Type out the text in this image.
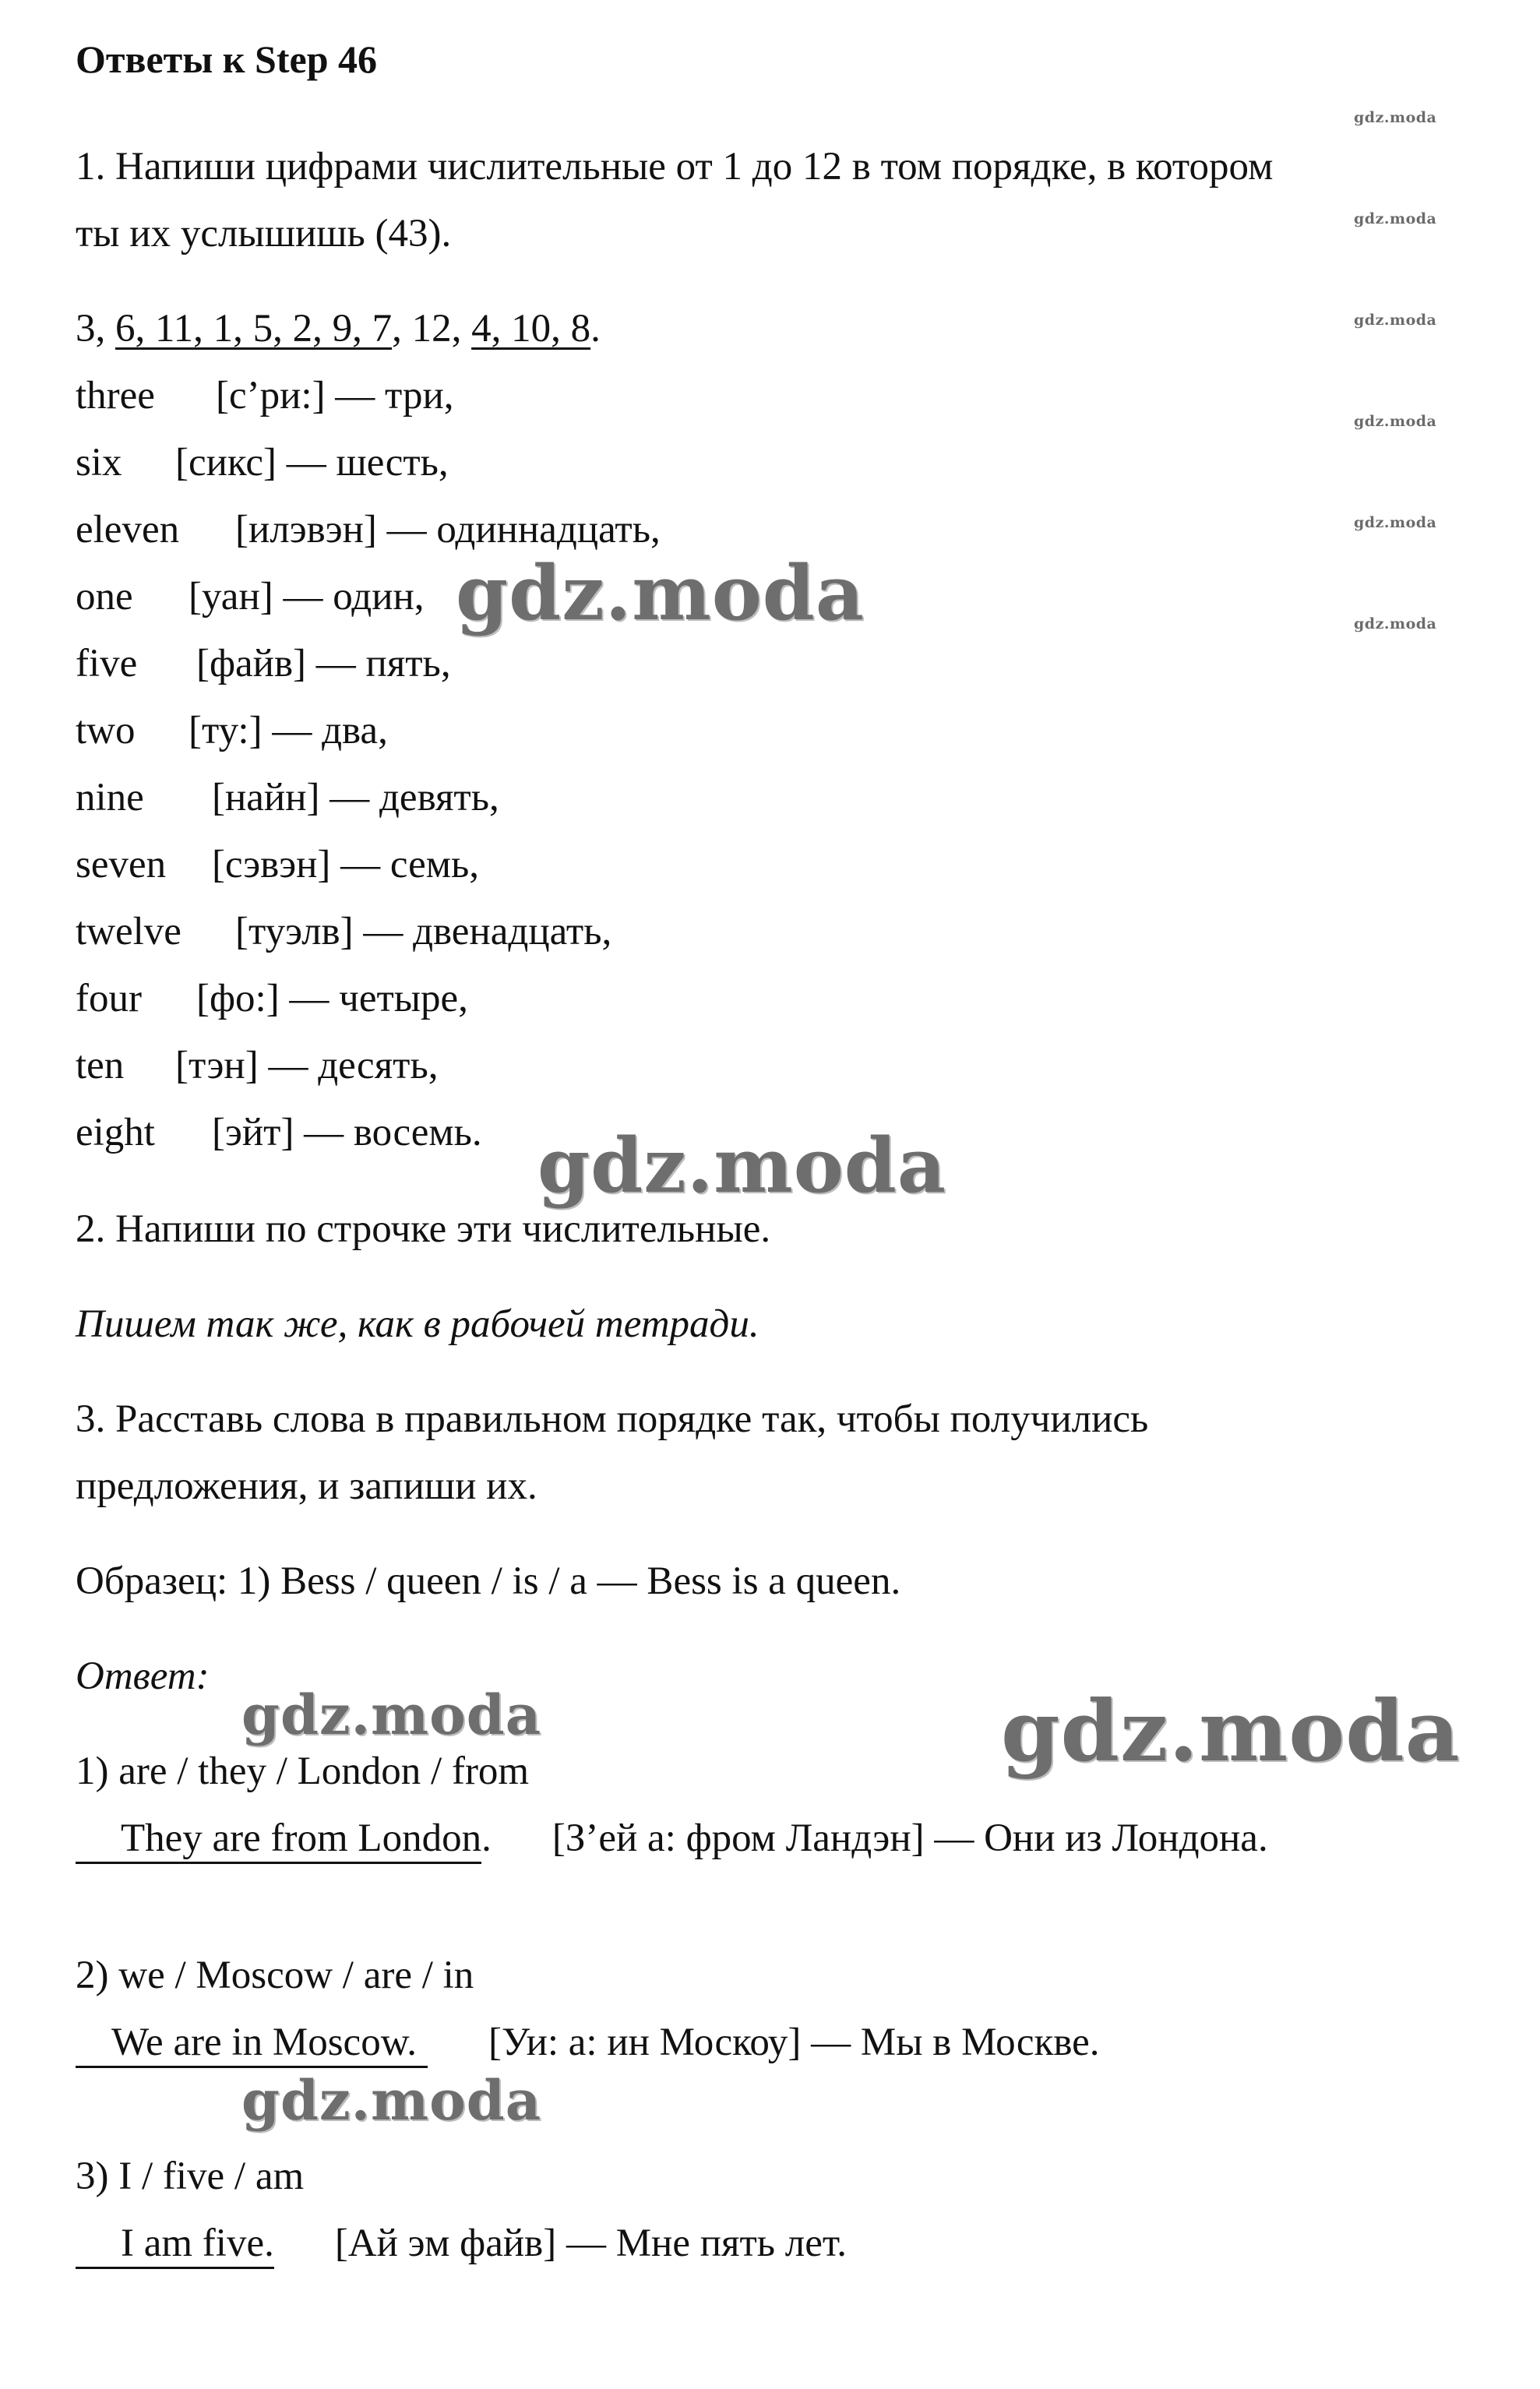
Ответы к Step 46
1. Напиши цифрами числительные от 1 до 12 в том порядке, в котором
ты их услышишь (43).
3, 6, 11, 1, 5, 2, 9, 7, 12, 4, 10, 8.
three [с’ри:] — три,
six [сикс] — шесть,
eleven [илэвэн] — одиннадцать,
one [уан] — один,
five [файв] — пять,
two [ту:] — два,
nine [найн] — девять,
seven [сэвэн] — семь,
twelve [туэлв] — двенадцать,
four [фо:] — четыре,
ten [тэн] — десять,
eight [эйт] — восемь.
2. Напиши по строчке эти числительные.
Пишем так же, как в рабочей тетради.
3. Расставь слова в правильном порядке так, чтобы получились
предложения, и запиши их.
Образец: 1) Bess / queen / is / a — Bess is a queen.
Ответ:
1) are / they / London / from
They are from London. [З’ей а: фром Ландэн] — Они из Лондона.
2) we / Moscow / are / in
We are in Moscow. [Уи: а: ин Москоу] — Мы в Москве.
3) I / five / am
I am five. [Ай эм файв] — Мне пять лет.
gdz.moda
gdz.moda
gdz.moda
gdz.moda
gdz.moda
gdz.moda
gdz.moda
gdz.moda
gdz.moda	gdz.moda
gdz.moda
